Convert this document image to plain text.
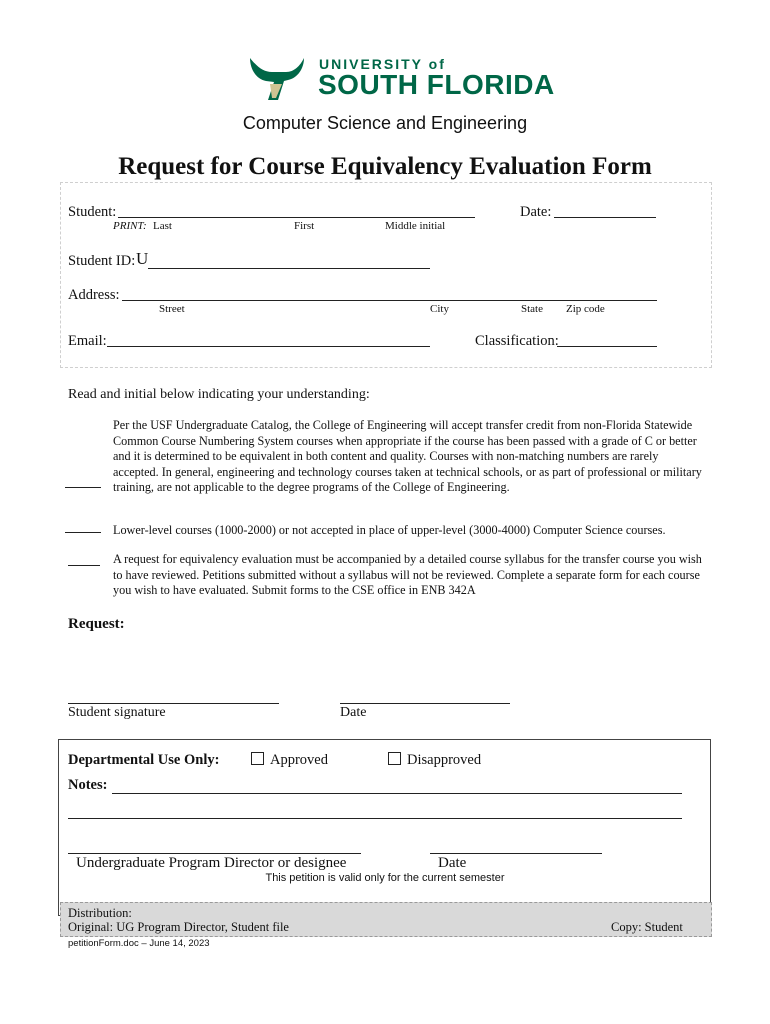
UNIVERSITY of
SOUTH FLORIDA
Computer Science and Engineering
Request for Course Equivalency Evaluation Form
Student:	Date:
PRINT: Last	First	Middle initial
Student ID: U
Address:
Street	City	State Zip code
Email:	Classification:
Read and initial below indicating your understanding:
Per the USF Undergraduate Catalog, the College of Engineering will accept transfer credit from non-Florida Statewide Common Course Numbering System courses when appropriate if the course has been passed with a grade of C or better and it is determined to be equivalent in both content and quality. Courses with non-matching numbers are rarely accepted. In general, engineering and technology courses taken at technical schools, or as part of professional or military training, are not applicable to the degree programs of the College of Engineering.
Lower-level courses (1000-2000) or not accepted in place of upper-level (3000-4000) Computer Science courses.
A request for equivalency evaluation must be accompanied by a detailed course syllabus for the transfer course you wish to have reviewed. Petitions submitted without a syllabus will not be reviewed. Complete a separate form for each course you wish to have evaluated. Submit forms to the CSE office in ENB 342A
Request:
Student signature	Date
Departmental Use Only:	Approved	Disapproved
Notes:
Undergraduate Program Director or designee	Date
This petition is valid only for the current semester
Distribution:
Original: UG Program Director, Student file	Copy: Student
petitionForm.doc – June 14, 2023
